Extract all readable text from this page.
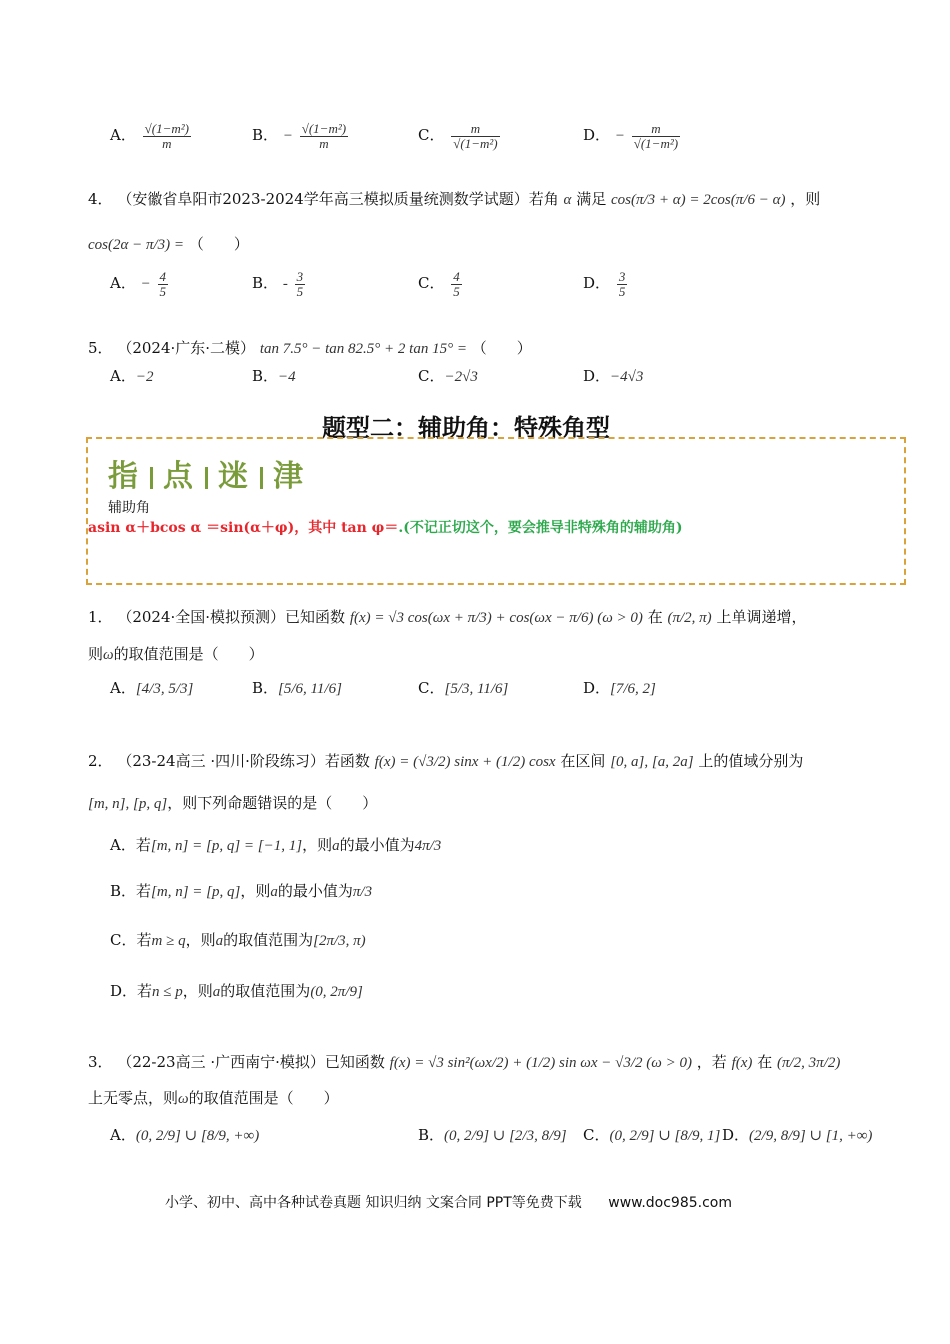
A． $\frac{\text{√(1−m²)}}{m}$	B． − $\frac{\text{√(1−m²)}}{m}$	C． $\frac{m}{\text{√(1−m²)}}$	D． − $\frac{m}{\text{√(1−m²)}}$
4． （安徽省阜阳市2023-2024学年高三模拟质量统测数学试题）若角 α 满足 cos(π/3 + α) = 2cos(π/6 − α) ，则
cos(2α − π/3) = （　　）
A． − $\frac{4}{5}$	B． - $\frac{3}{5}$	C． $\frac{4}{5}$	D． $\frac{3}{5}$
5． （2024·广东·二模） tan 7.5° − tan 82.5° + 2 tan 15° = （　　）
A．−2	B．−4	C．−2√3	D．−4√3
题型二：辅助角：特殊角型
指 点 迷 津
辅助角
asin α＋bcos α ＝sin(α＋φ)，其中 tan φ＝.(不记正切这个，要会推导非特殊角的辅助角)
1． （2024·全国·模拟预测）已知函数 f(x) = √3 cos(ωx + π/3) + cos(ωx − π/6) (ω > 0) 在 (π/2, π) 上单调递增，
则ω的取值范围是（　　）
A．[4/3, 5/3]	B．[5/6, 11/6]	C．[5/3, 11/6]	D．[7/6, 2]
2． （23-24高三 ·四川·阶段练习）若函数 f(x) = (√3/2) sinx + (1/2) cosx 在区间 [0, a], [a, 2a] 上的值域分别为
[m, n], [p, q]，则下列命题错误的是（　　）
A．若[m, n] = [p, q] = [−1, 1]，则a的最小值为4π/3
B．若[m, n] = [p, q]，则a的最小值为π/3
C．若m ≥ q，则a的取值范围为[2π/3, π)
D．若n ≤ p，则a的取值范围为(0, 2π/9]
3． （22-23高三 ·广西南宁·模拟）已知函数 f(x) = √3 sin²(ωx/2) + (1/2) sin ωx − √3/2 (ω > 0) ，若 f(x) 在 (π/2, 3π/2)
上无零点，则ω的取值范围是（　　）
A．(0, 2/9] ∪ [8/9, +∞)	B．(0, 2/9] ∪ [2/3, 8/9] C．(0, 2/9] ∪ [8/9, 1] D．(2/9, 8/9] ∪ [1, +∞)
小学、初中、高中各种试卷真题 知识归纳 文案合同 PPT等免费下载 www.doc985.com
